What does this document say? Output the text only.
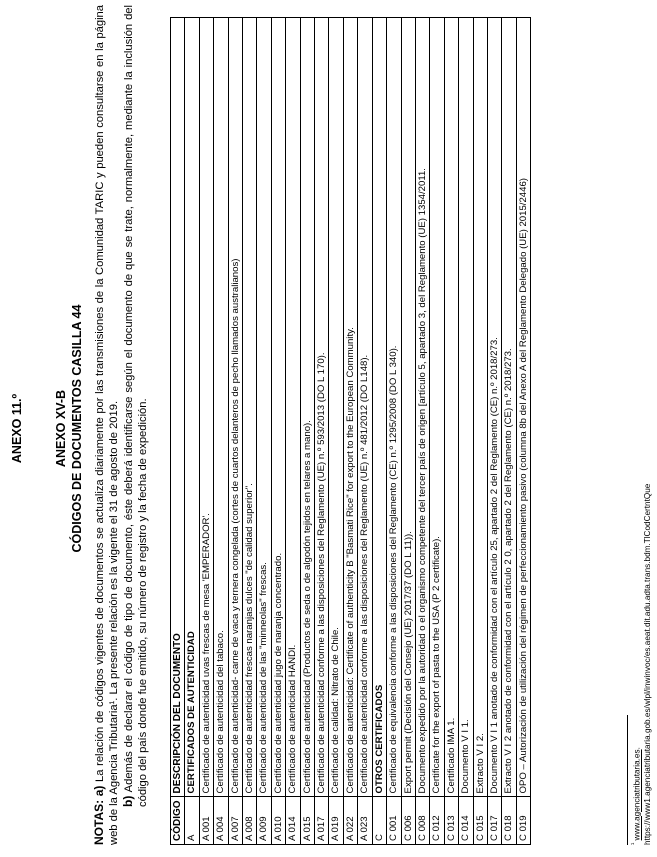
ANEXO 11.º ANEXO XV-B CÓDIGOS DE DOCUMENTOS CASILLA 44

NOTAS: a) La relación de códigos vigentes de documentos se actualiza diariamente por las transmisiones de la Comunidad TARIC y pueden consultarse en la página web de la Agencia Tributaria¹. La presente relación es la vigente el 31 de agosto de 2019. b) Además de declarar el código de tipo de documento, éste deberá identificarse según el documento de que se trate, normalmente, mediante la inclusión del código del país donde fue emitido, su número de registro y la fecha de expedición.

CÓDIGO	DESCRIPCIÓN DEL DOCUMENTO
A	CERTIFICADOS DE AUTENTICIDAD
A 001	Certificado de autenticidad uvas frescas de mesa 'EMPERADOR'.
A 004	Certificado de autenticidad del tabaco.
A 007	Certificado de autenticidad- carne de vaca y ternera congelada (cortes de cuartos delanteros de pecho llamados australianos)
A 008	Certificado de autenticidad frescas naranjas dulces "de calidad superior".
A 009	Certificado de autenticidad de las "minneolas" frescas.
A 010	Certificado de autenticidad jugo de naranja concentrado.
A 014	Certificado de autenticidad HANDI.
A 015	Certificado de autenticidad (Productos de seda o de algodón tejidos en telares a mano).
A 017	Certificado de autenticidad conforme a las disposiciones del Reglamento (UE) n.º 593/2013 (DO L 170).
A 019	Certificado de calidad: Nitrato de Chile.
A 022	Certificado de autenticidad: Certificate of authenticity B "Basmati Rice" for export to the European Community.
A 023	Certificado de autenticidad conforme a las disposiciones del Reglamento (UE) n.º 481/2012 (DO L148).
C	OTROS CERTIFICADOS
C 001	Certificado de equivalencia conforme a las disposiciones del Reglamento (CE) n.º 1295/2008 (DO L 340).
C 006	Export permit (Decisión del Consejo (UE) 2017/37 (DO L 11)).
C 008	Documento expedido por la autoridad o el organismo competente del tercer país de origen [artículo 5, apartado 3, del Reglamento (UE) 1354/2011.
C 012	Certificate for the export of pasta to the USA (P 2 certificate).
C 013	Certificado IMA 1.
C 014	Documento V I 1.
C 015	Extracto V I 2.
C 017	Documento V I 1 anotado de conformidad con el artículo 25, apartado 2 del Reglamento (CE) n.º 2018/273.
C 018	Extracto V I 2 anotado de conformidad con el artículo 2 0, apartado 2 del Reglamento (CE) n.º 2018/273.
C 019	OPO – Autorización de utilización del régimen de perfeccionamiento pasivo (columna 8b del Anexo A del Reglamento Delegado (UE) 2015/2446)
$^{^1}$ www.agenciatributaria.es. https://www1.agenciatributaria.gob.es/wlpl/inwinvoc/es.aeat.dit.adu.adta.trans.bdm.TlCodCertntQue
